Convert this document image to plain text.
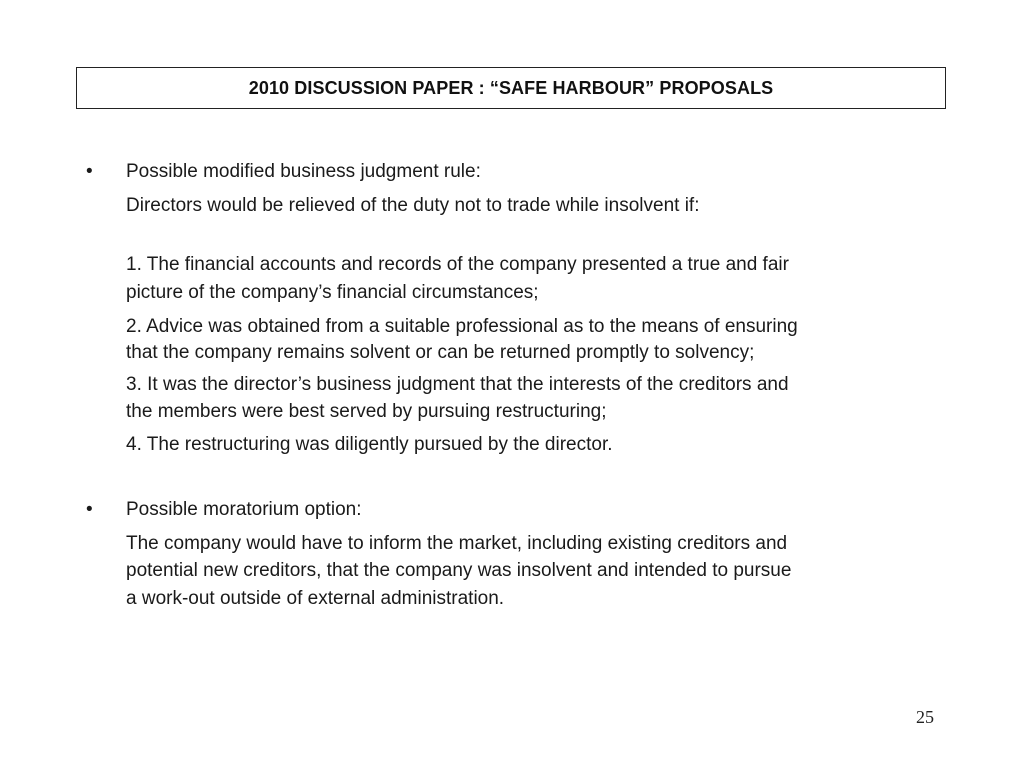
2010 DISCUSSION PAPER : “SAFE HARBOUR” PROPOSALS
• Possible modified business judgment rule:
Directors would be relieved of the duty not to trade while insolvent if:
1. The financial accounts and records of the company presented a true and fair
picture of the company’s financial circumstances;
2. Advice was obtained from a suitable professional as to the means of ensuring
that the company remains solvent or can be returned promptly to solvency;
3. It was the director’s business judgment that the interests of the creditors and
the members were best served by pursuing restructuring;
4. The restructuring was diligently pursued by the director.
• Possible moratorium option:
The company would have to inform the market, including existing creditors and
potential new creditors, that the company was insolvent and intended to pursue
a work-out outside of external administration.
25
